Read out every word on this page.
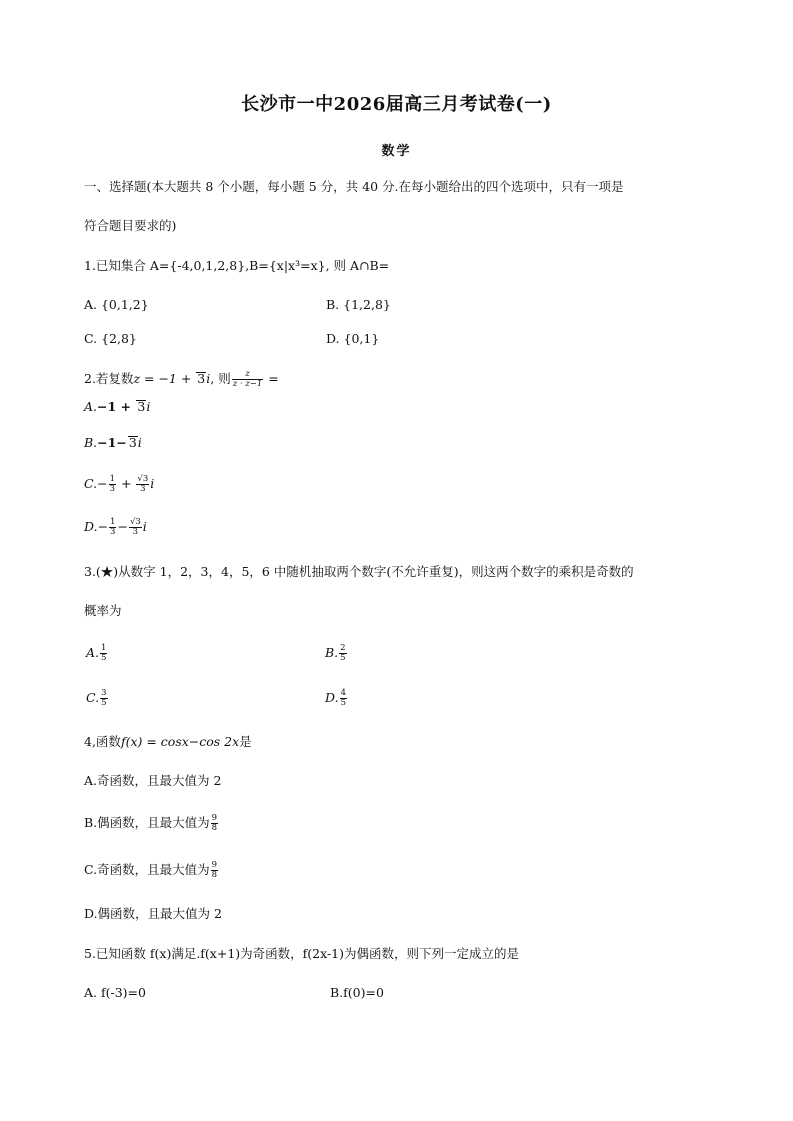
长沙市一中2026届高三月考试卷(一)
数学
一、选择题(本大题共 8 个小题，每小题 5 分，共 40 分.在每小题给出的四个选项中，只有一项是
符合题目要求的)
1.已知集合 A={-4,0,1,2,8},B={x|x³=x}, 则 A∩B=
A. {0,1,2}	B. {1,2,8}
C. {2,8}	D. {0,1}
2.若复数z = −1 + 3i, 则 $\frac{z}{z \cdot z-1}$ =
A.−1 + 3i
B.−1− 3i
$C.- \frac{1}{3} + \frac{√3}{3}$ i
$D.- \frac{1}{3} - \frac{√3}{3}$ i
3.(★)从数字 1，2，3，4，5，6 中随机抽取两个数字(不允许重复)，则这两个数字的乘积是奇数的
概率为
A. $\frac{1}{5}$	B. $\frac{2}{5}$
C. $\frac{3}{5}$	D. $\frac{4}{5}$
4,函数f(x) = cosx−cos 2x是
A.奇函数，且最大值为 2
B.偶函数，且最大值为 $\frac{9}{8}$
C.奇函数，且最大值为 $\frac{9}{8}$
D.偶函数，且最大值为 2
5.已知函数 f(x)满足.f(x+1)为奇函数，f(2x-1)为偶函数，则下列一定成立的是
A. f(-3)=0	B.f(0)=0
